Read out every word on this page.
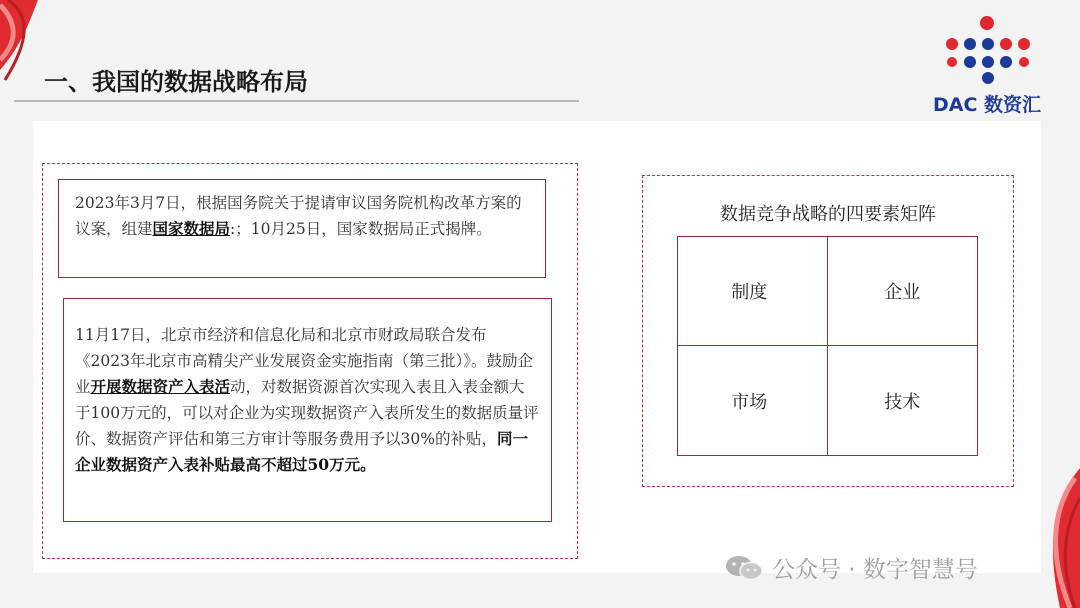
一、我国的数据战略布局
DAC 数资汇
2023年3月7日，根据国务院关于提请审议国务院机构改革方案的议案，组建国家数据局:；10月25日，国家数据局正式揭牌。
11月17日，北京市经济和信息化局和北京市财政局联合发布《2023年北京市高精尖产业发展资金实施指南（第三批）》。鼓励企业开展数据资产入表活动，对数据资源首次实现入表且入表金额大于100万元的，可以对企业为实现数据资产入表所发生的数据质量评价、数据资产评估和第三方审计等服务费用予以30%的补贴，同一企业数据资产入表补贴最高不超过50万元。
数据竞争战略的四要素矩阵
制度	企业
市场	技术
公众号 · 数字智慧号
